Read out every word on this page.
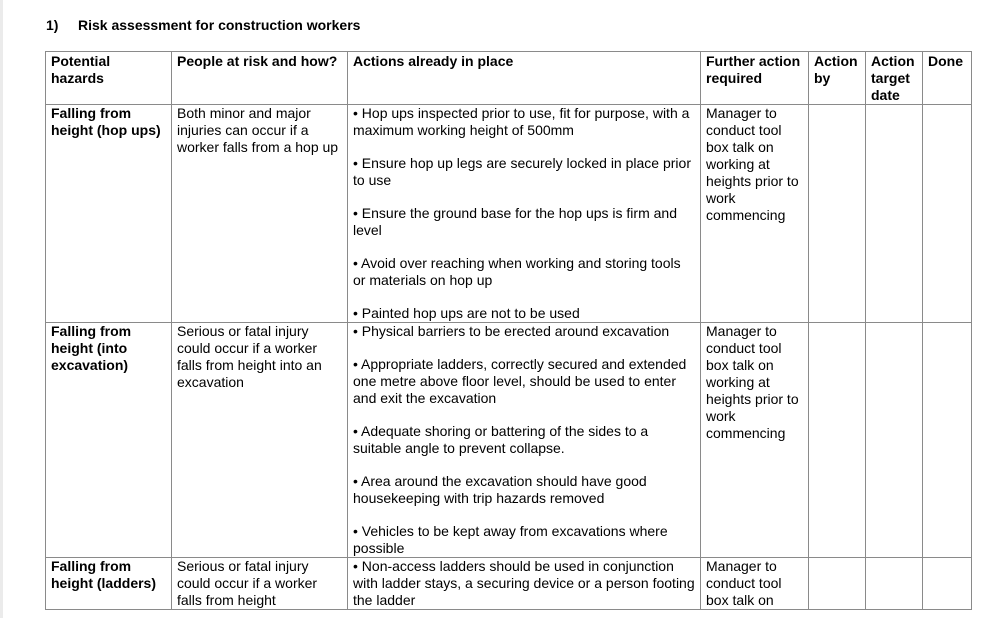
1) Risk assessment for construction workers
Potential hazards	People at risk and how?	Actions already in place	Further action required	Action by	Action target date	Done
Falling from height (hop ups)	Both minor and major injuries can occur if a worker falls from a hop up	• Hop ups inspected prior to use, fit for purpose, with a maximum working height of 500mm

• Ensure hop up legs are securely locked in place prior to use

• Ensure the ground base for the hop ups is firm and level

• Avoid over reaching when working and storing tools or materials on hop up

• Painted hop ups are not to be used	Manager to conduct tool box talk on working at heights prior to work commencing			
Falling from height (into excavation)	Serious or fatal injury could occur if a worker falls from height into an excavation	• Physical barriers to be erected around excavation

• Appropriate ladders, correctly secured and extended one metre above floor level, should be used to enter and exit the excavation

• Adequate shoring or battering of the sides to a suitable angle to prevent collapse.

• Area around the excavation should have good housekeeping with trip hazards removed

• Vehicles to be kept away from excavations where possible	Manager to conduct tool box talk on working at heights prior to work commencing			
Falling from height (ladders)	Serious or fatal injury could occur if a worker falls from height	• Non-access ladders should be used in conjunction with ladder stays, a securing device or a person footing the ladder	Manager to conduct tool box talk on			
